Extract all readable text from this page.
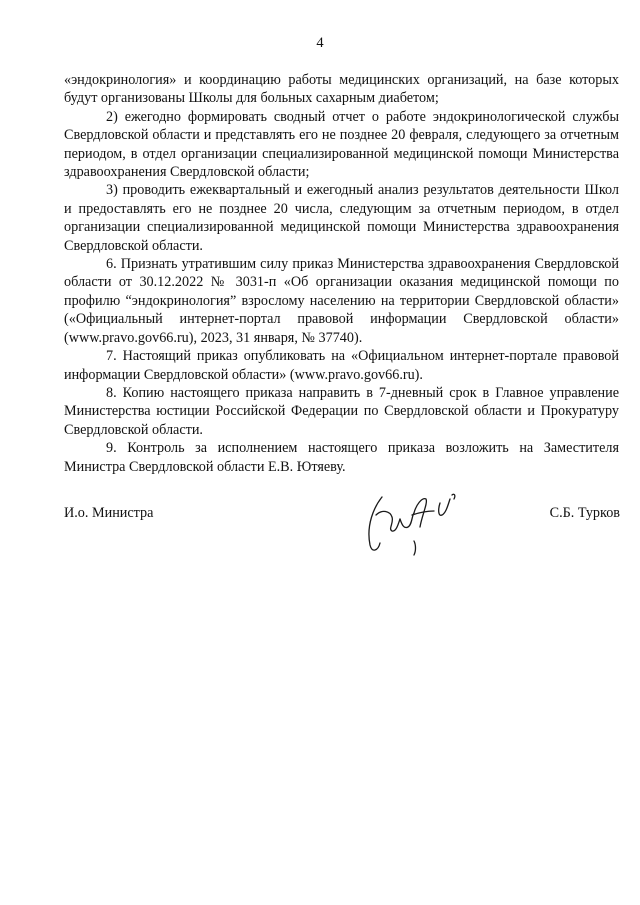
4

«эндокринология» и координацию работы медицинских организаций, на базе которых будут организованы Школы для больных сахарным диабетом;

2) ежегодно формировать сводный отчет о работе эндокринологической службы Свердловской области и представлять его не позднее 20 февраля, следующего за отчетным периодом, в отдел организации специализированной медицинской помощи Министерства здравоохранения Свердловской области;

3) проводить ежеквартальный и ежегодный анализ результатов деятельности Школ и предоставлять его не позднее 20 числа, следующим за отчетным периодом, в отдел организации специализированной медицинской помощи Министерства здравоохранения Свердловской области.

6. Признать утратившим силу приказ Министерства здравоохранения Свердловской области от 30.12.2022 № 3031-п «Об организации оказания медицинской помощи по профилю “эндокринология” взрослому населению на территории Свердловской области» («Официальный интернет-портал правовой информации Свердловской области» (www.pravo.gov66.ru), 2023, 31 января, № 37740).

7. Настоящий приказ опубликовать на «Официальном интернет-портале правовой информации Свердловской области» (www.pravo.gov66.ru).

8. Копию настоящего приказа направить в 7-дневный срок в Главное управление Министерства юстиции Российской Федерации по Свердловской области и Прокуратуру Свердловской области.

9. Контроль за исполнением настоящего приказа возложить на Заместителя Министра Свердловской области Е.В. Ютяеву.

И.о. Министра	С.Б. Турков
